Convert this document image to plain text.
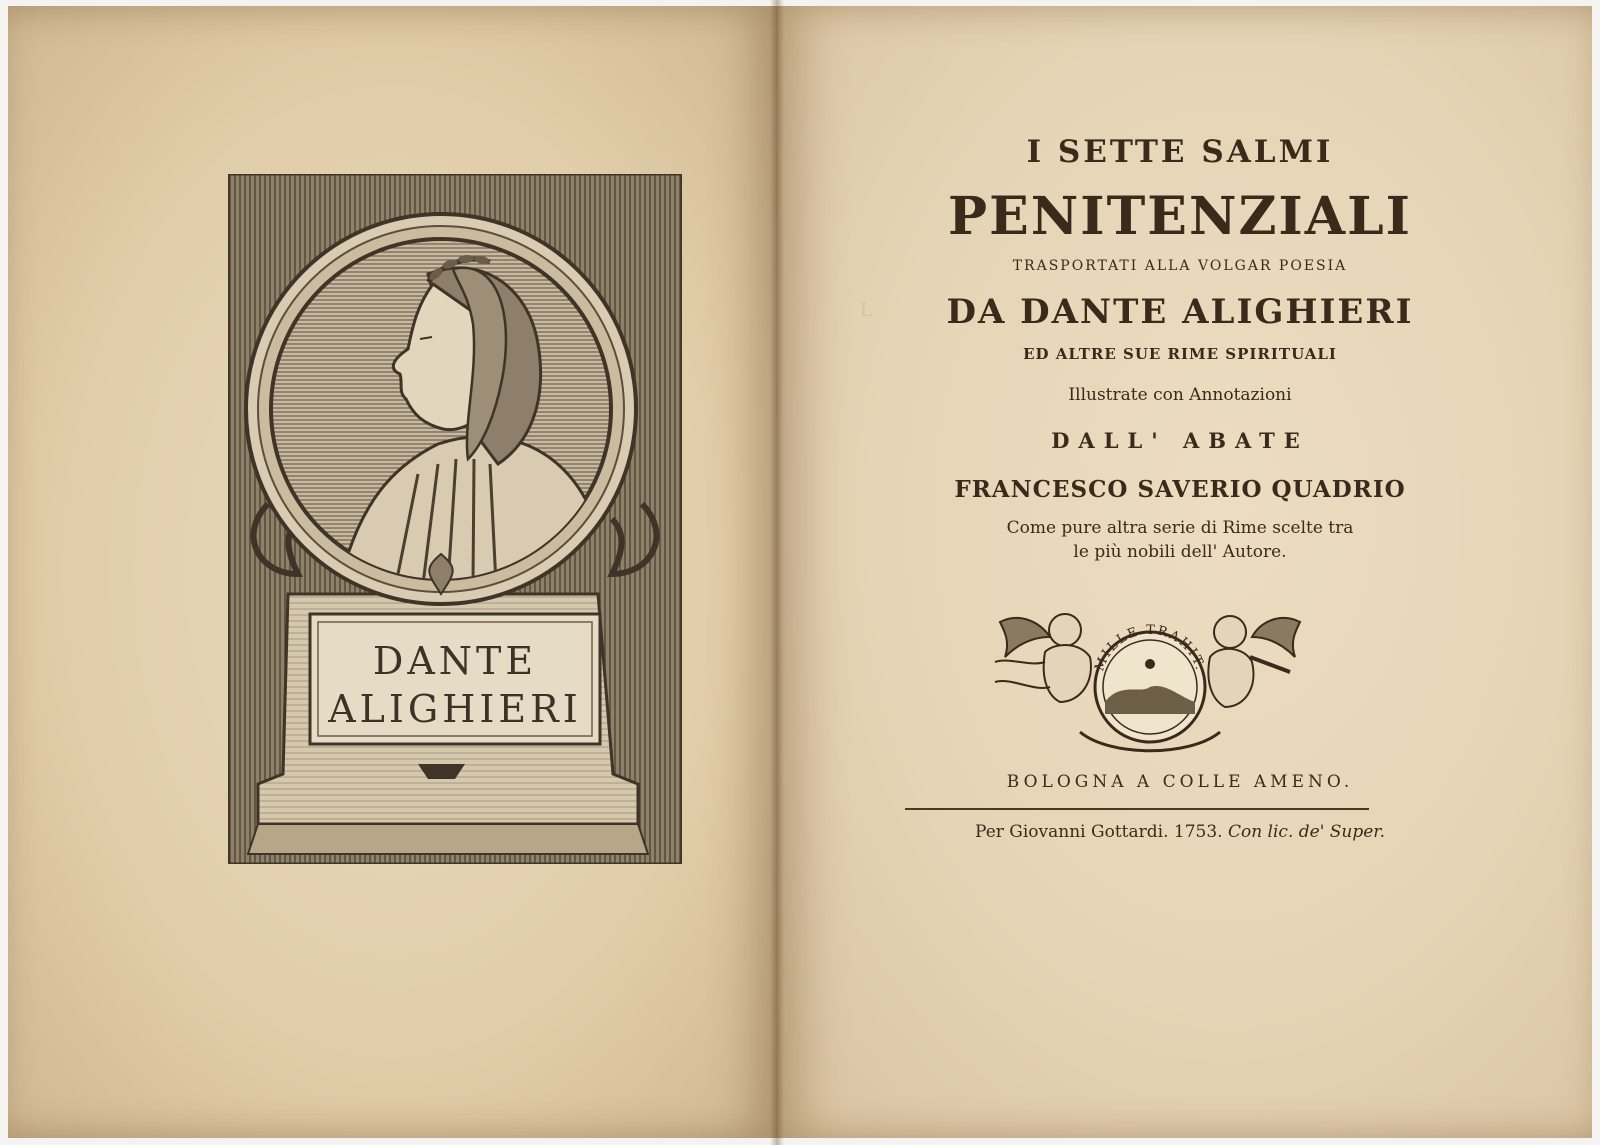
L
DANTE
ALIGHIERI

I SETTE SALMI

PENITENZIALI

TRASPORTATI ALLA VOLGAR POESIA

DA DANTE ALIGHIERI

ED ALTRE SUE RIME SPIRITUALI

Illustrate con Annotazioni

DALL' ABATE

FRANCESCO SAVERIO QUADRIO

Come pure altra serie di Rime scelte tra
le più nobili dell' Autore.
MILLE TRAHIT.
BOLOGNA A COLLE AMENO.
Per Giovanni Gottardi. 1753. Con lic. de' Super.
